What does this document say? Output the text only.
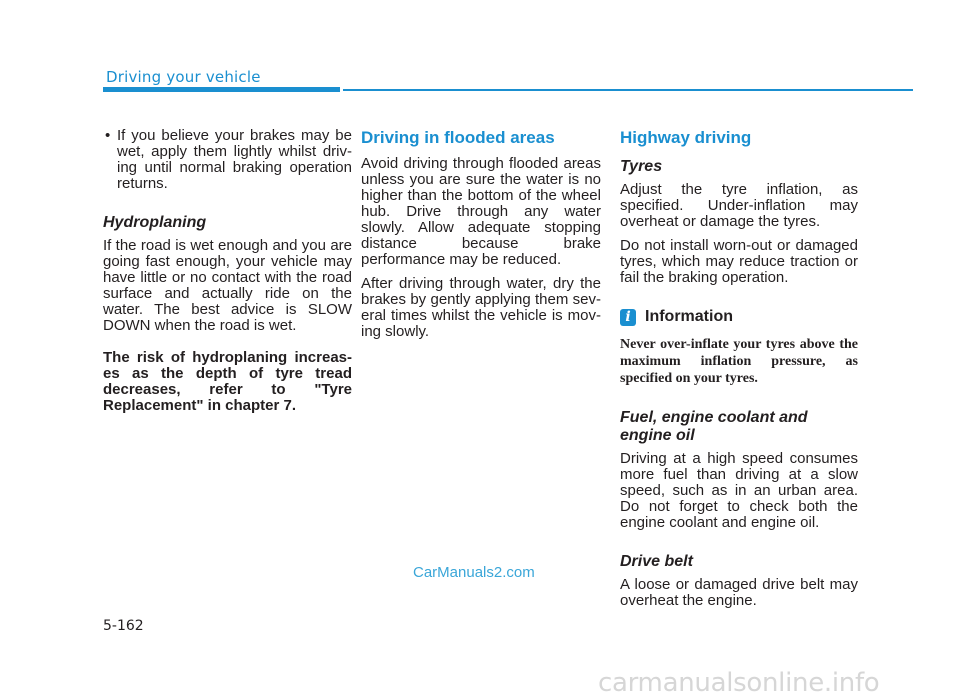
Driving your vehicle
• If you believe your brakes may be wet, apply them lightly whilst driv-ing until normal braking operation returns.

Hydroplaning

If the road is wet enough and you are going fast enough, your vehicle may have little or no contact with the road surface and actually ride on the water. The best advice is SLOW DOWN when the road is wet.

The risk of hydroplaning increas-es as the depth of tyre tread decreases, refer to "Tyre Replacement" in chapter 7.

Driving in flooded areas

Avoid driving through flooded areas unless you are sure the water is no higher than the bottom of the wheel hub. Drive through any water slowly. Allow adequate stopping distance because brake performance may be reduced.

After driving through water, dry the brakes by gently applying them sev-eral times whilst the vehicle is mov-ing slowly.

Highway driving
Tyres

Adjust the tyre inflation, as specified. Under-inflation may overheat or damage the tyres.

Do not install worn-out or damaged tyres, which may reduce traction or fail the braking operation.

i Information

Never over-inflate your tyres above the maximum inflation pressure, as specified on your tyres.

Fuel, engine coolant and engine oil

Driving at a high speed consumes more fuel than driving at a slow speed, such as in an urban area. Do not forget to check both the engine coolant and engine oil.

Drive belt

A loose or damaged drive belt may overheat the engine.

CarManuals2.com
5-162
carmanualsonline.info
